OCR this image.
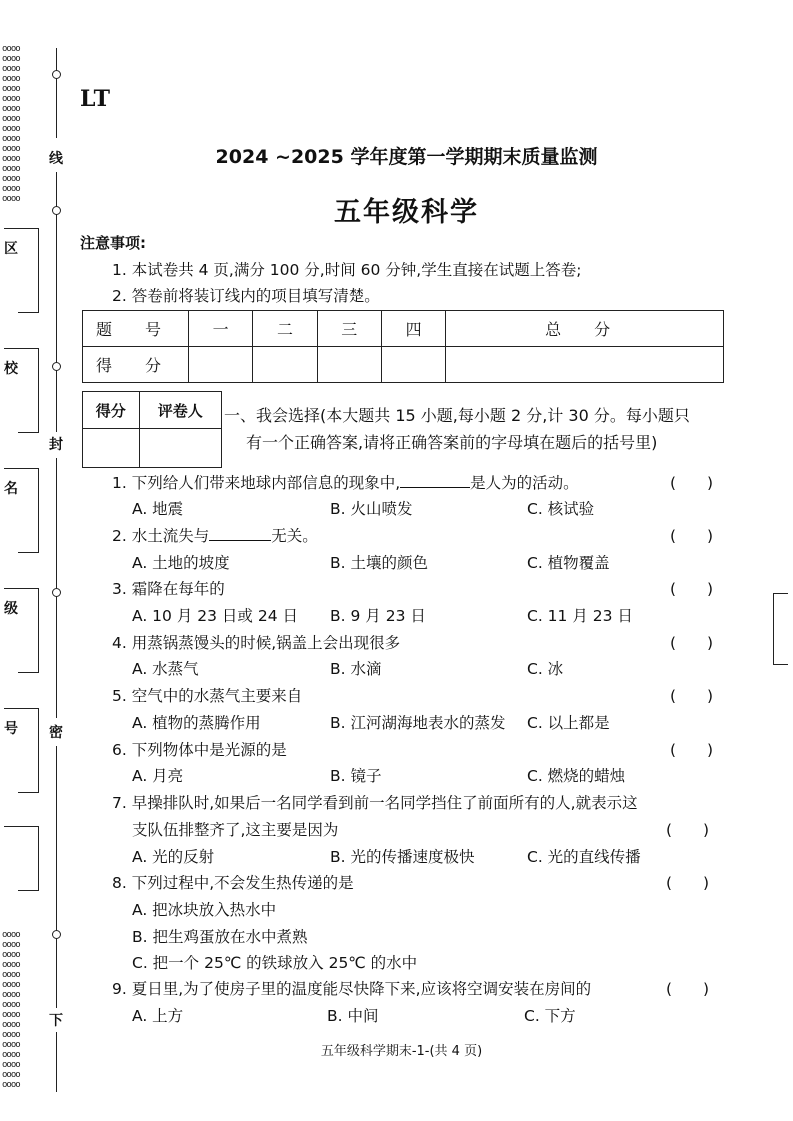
oooo
oooo
oooo
oooo
oooo
oooo
oooo
oooo
oooo
oooo
oooo
oooo
oooo
oooo
oooo
oooo
oooo
oooo
oooo
oooo
oooo
oooo
oooo
oooo
oooo
oooo
oooo
oooo
oooo
oooo
oooo
oooo
线
封
密
下
区
校
名
级
号
LT
2024 ~2025 学年度第一学期期末质量监测
五年级科学
注意事项:
1. 本试卷共 4 页,满分 100 分,时间 60 分钟,学生直接在试题上答卷;
2. 答卷前将装订线内的项目填写清楚。
题 号	一	二	三	四	总 分
得 分					
得分	评卷人
	一、我会选择(本大题共 15 小题,每小题 2 分,计 30 分。每小题只
有一个正确答案,请将正确答案前的字母填在题后的括号里)
1. 下列给人们带来地球内部信息的现象中,	是人为的活动。	(　　)
A. 地震	B. 火山喷发	C. 核试验
2. 水土流失与	无关。	(　　)
A. 土地的坡度	B. 土壤的颜色	C. 植物覆盖
3. 霜降在每年的	(　　)
A. 10 月 23 日或 24 日 B. 9 月 23 日	C. 11 月 23 日
4. 用蒸锅蒸馒头的时候,锅盖上会出现很多	(　　)
A. 水蒸气	B. 水滴	C. 冰
5. 空气中的水蒸气主要来自	(　　)
A. 植物的蒸腾作用	B. 江河湖海地表水的蒸发 C. 以上都是
6. 下列物体中是光源的是	(　　)
A. 月亮	B. 镜子	C. 燃烧的蜡烛
7. 早操排队时,如果后一名同学看到前一名同学挡住了前面所有的人,就表示这
支队伍排整齐了,这主要是因为	(　　)
A. 光的反射	B. 光的传播速度极快	C. 光的直线传播
8. 下列过程中,不会发生热传递的是	(　　)
A. 把冰块放入热水中
B. 把生鸡蛋放在水中煮熟
C. 把一个 25℃ 的铁球放入 25℃ 的水中
9. 夏日里,为了使房子里的温度能尽快降下来,应该将空调安装在房间的	(　　)
A. 上方	B. 中间	C. 下方
五年级科学期末-1-(共 4 页)
